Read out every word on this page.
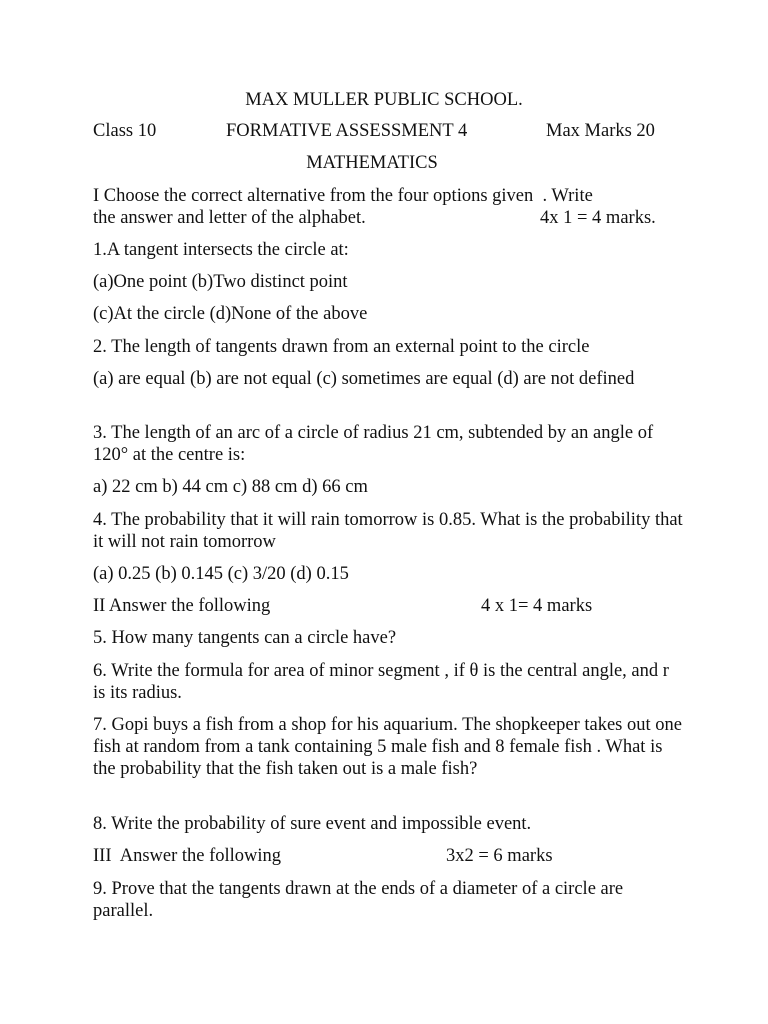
MAX MULLER PUBLIC SCHOOL.
Class 10	FORMATIVE ASSESSMENT 4	Max Marks 20
MATHEMATICS
I Choose the correct alternative from the four options given  . Write
the answer and letter of the alphabet.	4x 1 = 4 marks.
1.A tangent intersects the circle at:
(a)One point (b)Two distinct point
(c)At the circle (d)None of the above
2. The length of tangents drawn from an external point to the circle
(a) are equal (b) are not equal (c) sometimes are equal (d) are not defined
3. The length of an arc of a circle of radius 21 cm, subtended by an angle of 120° at the centre is:
a) 22 cm b) 44 cm c) 88 cm d) 66 cm
4. The probability that it will rain tomorrow is 0.85. What is the probability that it will not rain tomorrow
(a) 0.25 (b) 0.145 (c) 3/20 (d) 0.15
II Answer the following	4 x 1= 4 marks
5. How many tangents can a circle have?
6. Write the formula for area of minor segment , if θ is the central angle, and r is its radius.
7. Gopi buys a fish from a shop for his aquarium. The shopkeeper takes out one fish at random from a tank containing 5 male fish and 8 female fish . What is the probability that the fish taken out is a male fish?
8. Write the probability of sure event and impossible event.
III  Answer the following	3x2 = 6 marks
9. Prove that the tangents drawn at the ends of a diameter of a circle are parallel.
